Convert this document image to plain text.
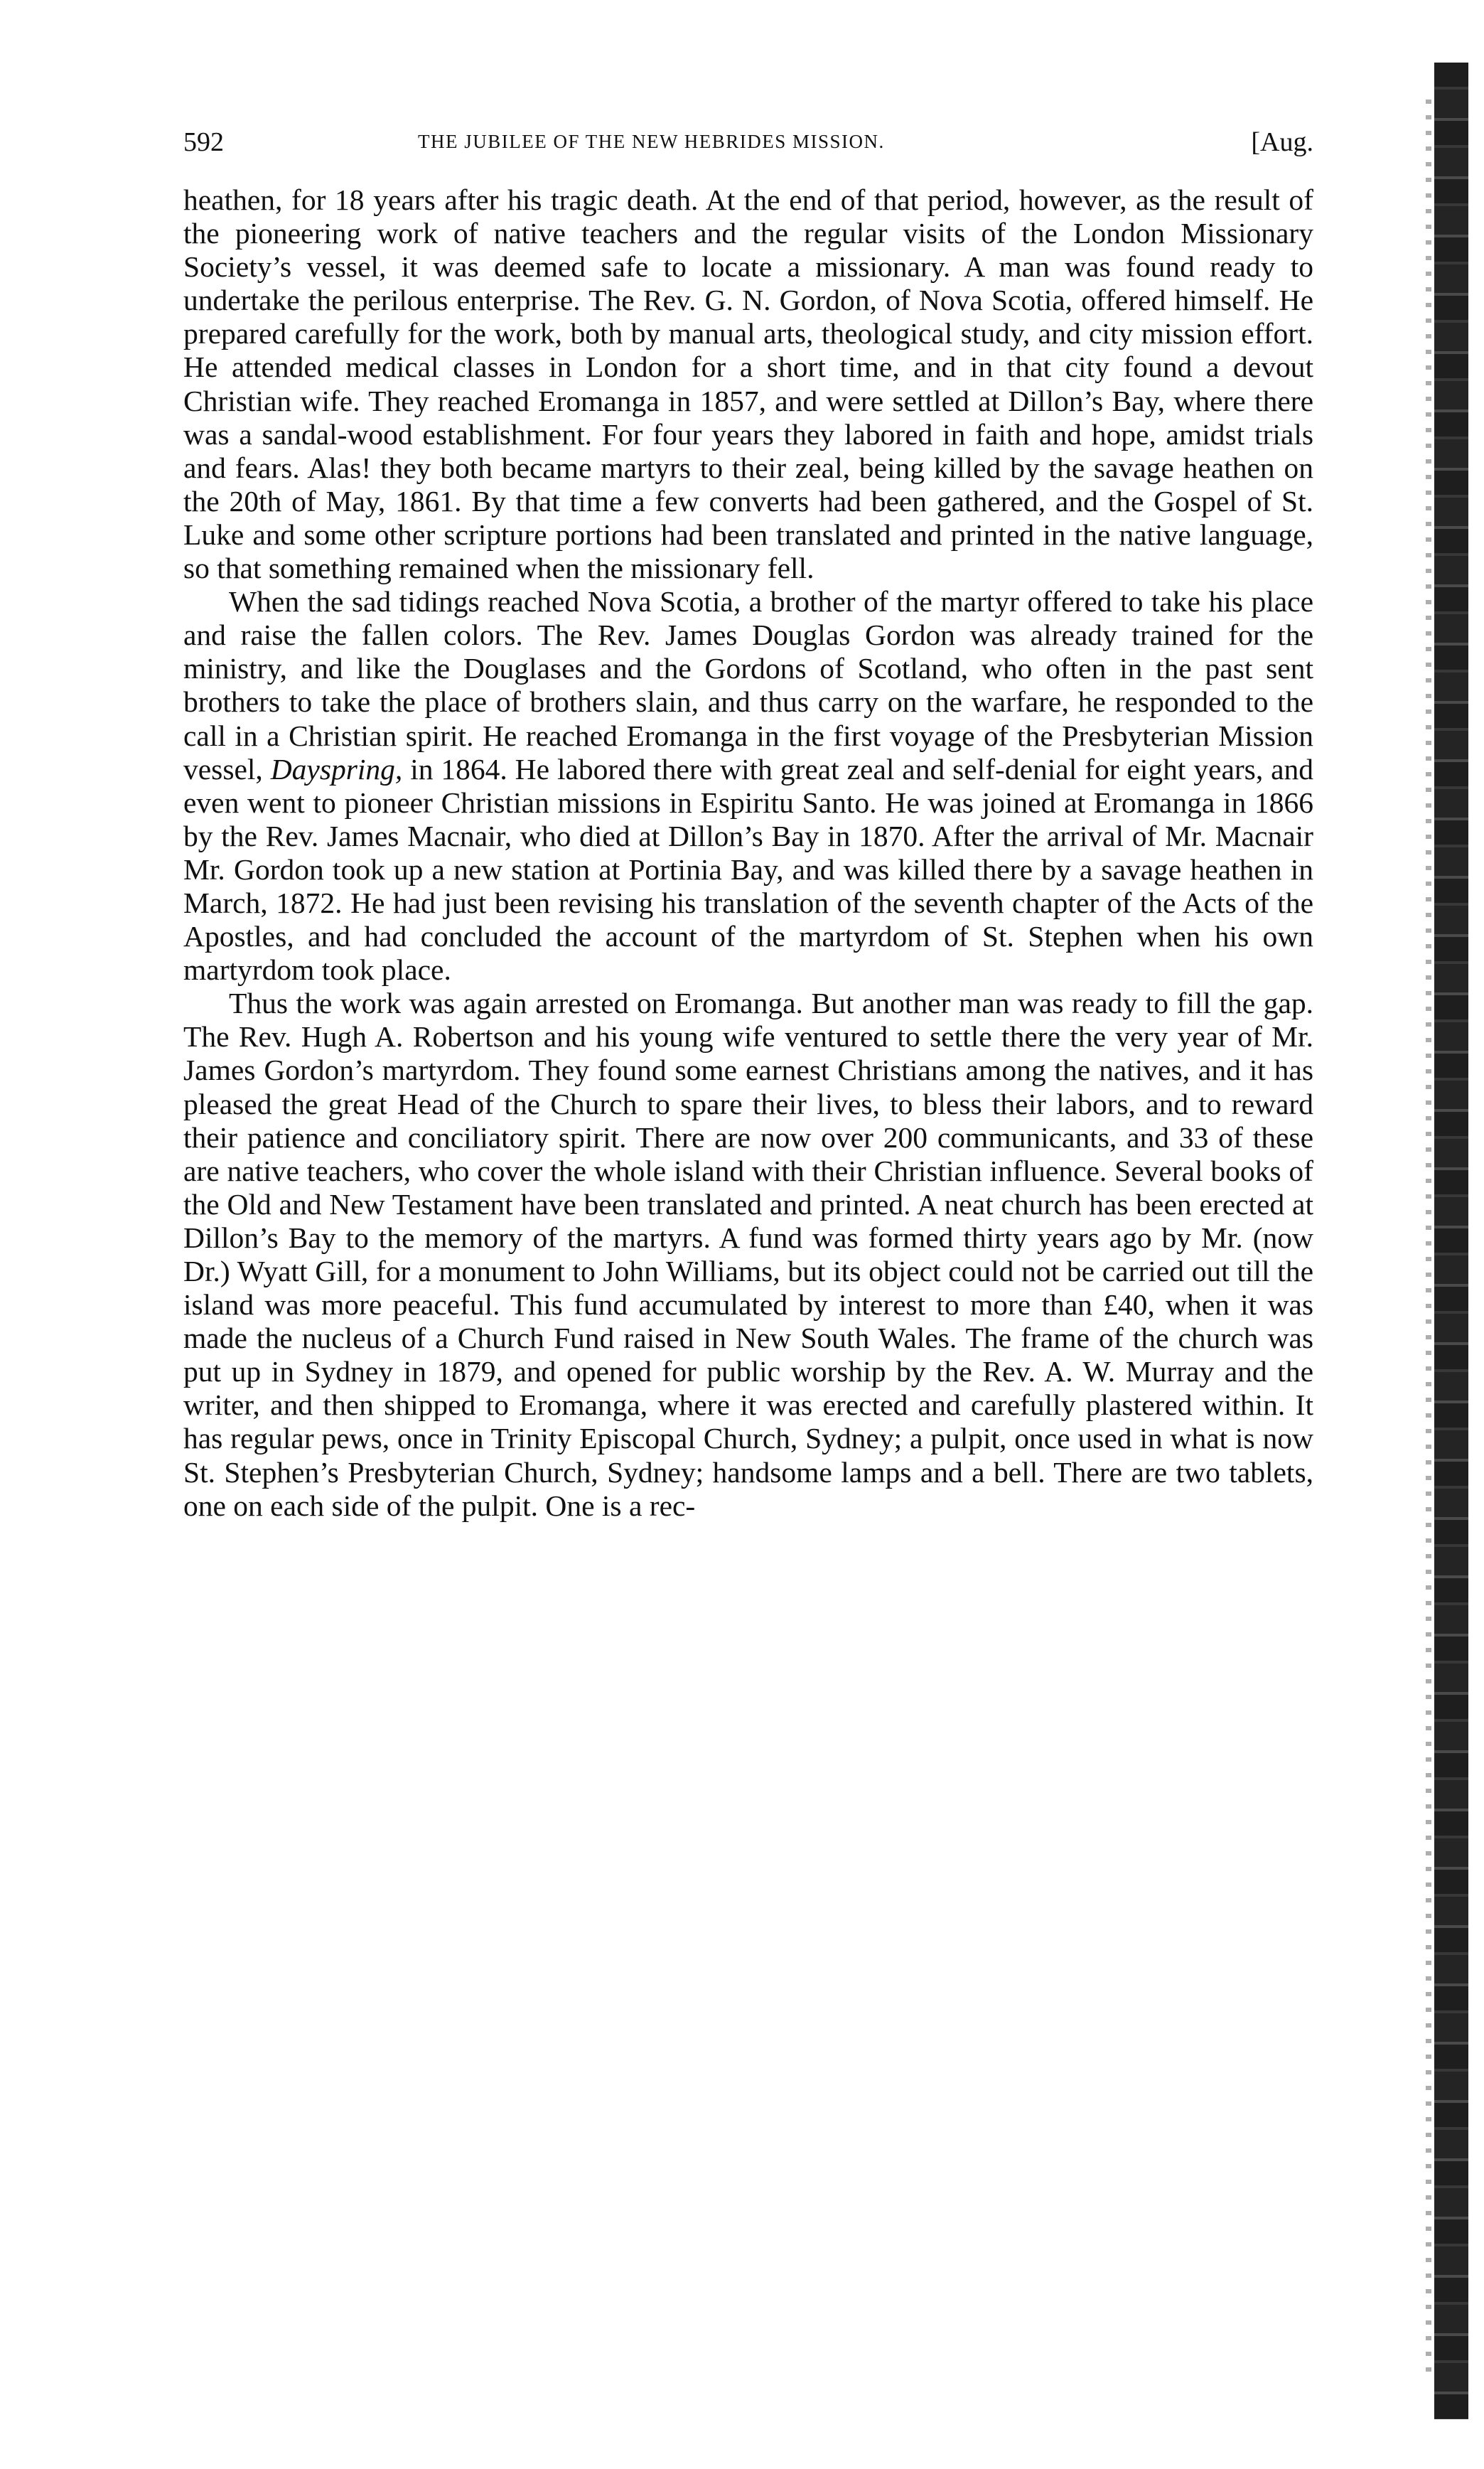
592	THE JUBILEE OF THE NEW HEBRIDES MISSION.	[Aug.

heathen, for 18 years after his tragic death. At the end of that period, however, as the result of the pioneering work of native teachers and the regular visits of the London Missionary Society’s vessel, it was deemed safe to locate a missionary. A man was found ready to undertake the perilous enterprise. The Rev. G. N. Gordon, of Nova Scotia, offered himself. He prepared carefully for the work, both by manual arts, theological study, and city mission effort. He attended medical classes in London for a short time, and in that city found a devout Christian wife. They reached Eromanga in 1857, and were settled at Dillon’s Bay, where there was a sandal-wood establishment. For four years they labored in faith and hope, amidst trials and fears. Alas! they both became martyrs to their zeal, being killed by the savage heathen on the 20th of May, 1861. By that time a few converts had been gathered, and the Gospel of St. Luke and some other scripture portions had been translated and printed in the native language, so that something remained when the missionary fell.

When the sad tidings reached Nova Scotia, a brother of the martyr offered to take his place and raise the fallen colors. The Rev. James Douglas Gordon was already trained for the ministry, and like the Douglases and the Gordons of Scotland, who often in the past sent brothers to take the place of brothers slain, and thus carry on the warfare, he responded to the call in a Christian spirit. He reached Eromanga in the first voyage of the Presbyterian Mission vessel, Dayspring, in 1864. He labored there with great zeal and self-denial for eight years, and even went to pioneer Christian missions in Espiritu Santo. He was joined at Eromanga in 1866 by the Rev. James Macnair, who died at Dillon’s Bay in 1870. After the arrival of Mr. Macnair Mr. Gordon took up a new station at Portinia Bay, and was killed there by a savage heathen in March, 1872. He had just been revising his translation of the seventh chapter of the Acts of the Apostles, and had concluded the account of the martyrdom of St. Stephen when his own martyrdom took place.

Thus the work was again arrested on Eromanga. But another man was ready to fill the gap. The Rev. Hugh A. Robertson and his young wife ventured to settle there the very year of Mr. James Gordon’s martyrdom. They found some earnest Christians among the natives, and it has pleased the great Head of the Church to spare their lives, to bless their labors, and to reward their patience and conciliatory spirit. There are now over 200 communicants, and 33 of these are native teachers, who cover the whole island with their Christian influence. Several books of the Old and New Testament have been translated and printed. A neat church has been erected at Dillon’s Bay to the memory of the martyrs. A fund was formed thirty years ago by Mr. (now Dr.) Wyatt Gill, for a monument to John Williams, but its object could not be carried out till the island was more peaceful. This fund accumulated by interest to more than £40, when it was made the nucleus of a Church Fund raised in New South Wales. The frame of the church was put up in Sydney in 1879, and opened for public worship by the Rev. A. W. Murray and the writer, and then shipped to Eromanga, where it was erected and carefully plastered within. It has regular pews, once in Trinity Episcopal Church, Sydney; a pulpit, once used in what is now St. Stephen’s Presbyterian Church, Sydney; handsome lamps and a bell. There are two tablets, one on each side of the pulpit. One is a rec-
